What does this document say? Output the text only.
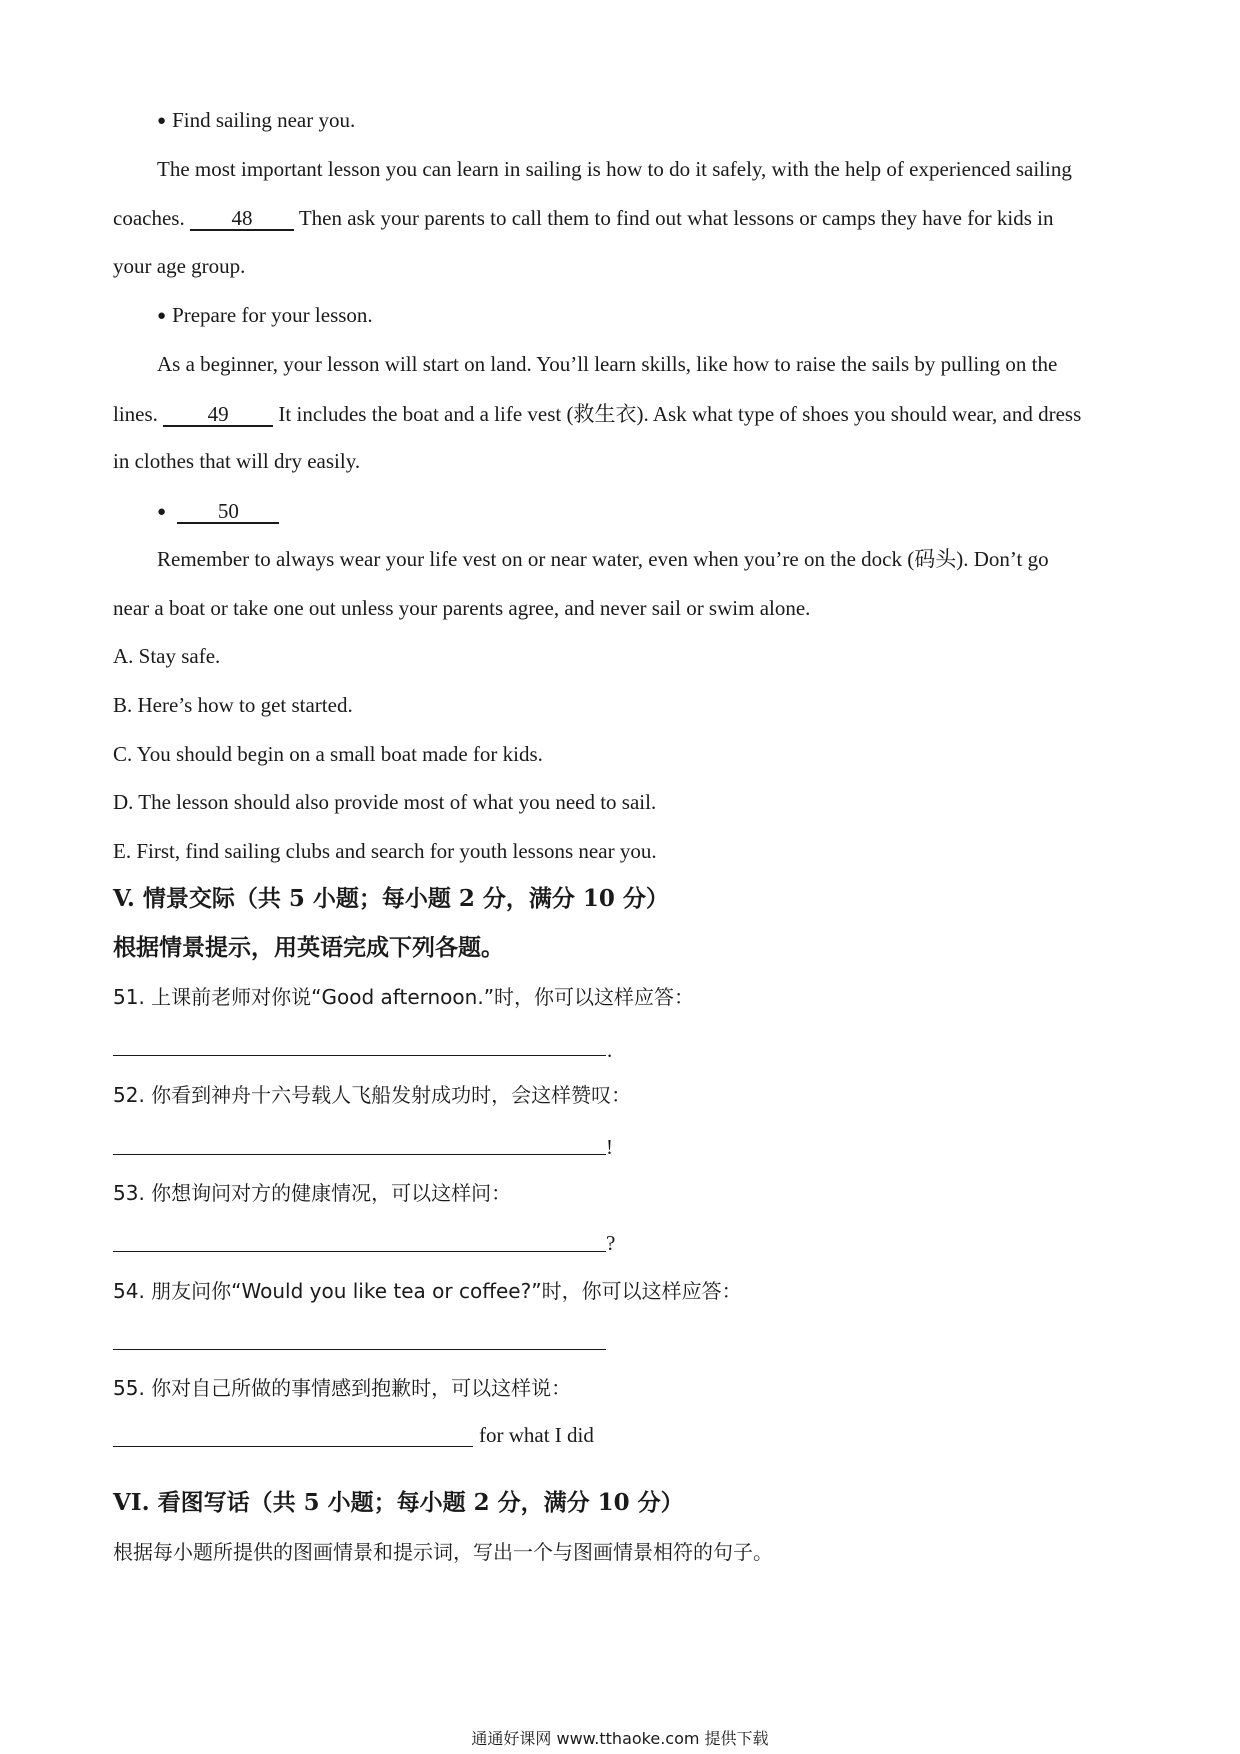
● Find sailing near you.
The most important lesson you can learn in sailing is how to do it safely, with the help of experienced sailing
coaches. 48 Then ask your parents to call them to find out what lessons or camps they have for kids in
your age group.
● Prepare for your lesson.
As a beginner, your lesson will start on land. You’ll learn skills, like how to raise the sails by pulling on the
lines. 49 It includes the boat and a life vest (救生衣). Ask what type of shoes you should wear, and dress
in clothes that will dry easily.
● 50
Remember to always wear your life vest on or near water, even when you’re on the dock (码头). Don’t go
near a boat or take one out unless your parents agree, and never sail or swim alone.
A. Stay safe.
B. Here’s how to get started.
C. You should begin on a small boat made for kids.
D. The lesson should also provide most of what you need to sail.
E. First, find sailing clubs and search for youth lessons near you.
V. 情景交际（共 5 小题；每小题 2 分，满分 10 分）
根据情景提示，用英语完成下列各题。
51. 上课前老师对你说“Good afternoon.”时，你可以这样应答：
.
52. 你看到神舟十六号载人飞船发射成功时，会这样赞叹：
!
53. 你想询问对方的健康情况，可以这样问：
?
54. 朋友问你“Would you like tea or coffee?”时，你可以这样应答：
55. 你对自己所做的事情感到抱歉时，可以这样说：
for what I did
VI. 看图写话（共 5 小题；每小题 2 分，满分 10 分）
根据每小题所提供的图画情景和提示词，写出一个与图画情景相符的句子。
通通好课网 www.tthaoke.com 提供下载
